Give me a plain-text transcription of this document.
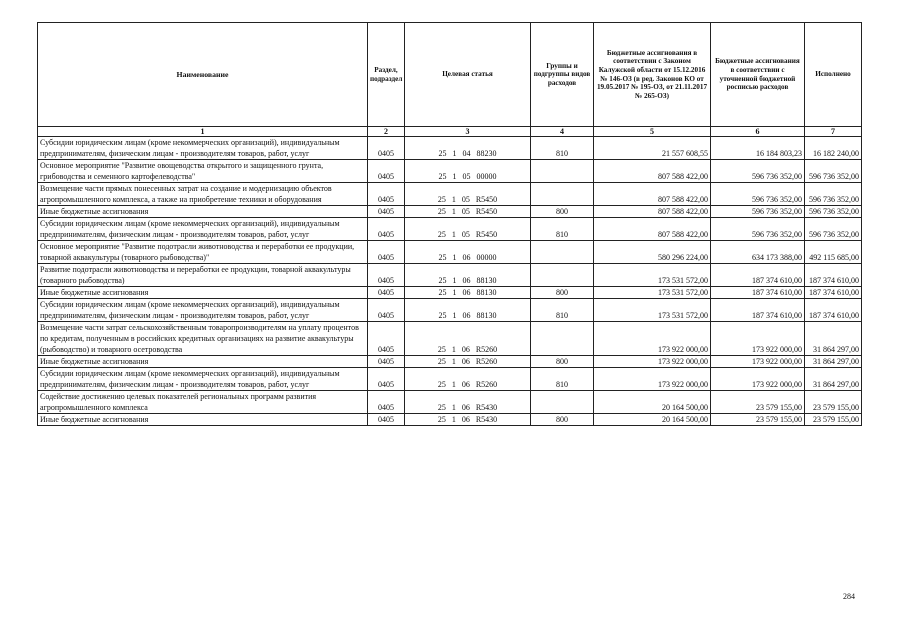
Наименование	Раздел, подраздел	Целевая статья	Группы и подгруппы видов расходов	Бюджетные ассигнования в соответствии с Законом Калужской области от 15.12.2016 № 146-ОЗ (в ред. Законов КО от 19.05.2017 № 195-ОЗ, от 21.11.2017 № 265-ОЗ)	Бюджетные ассигнования в соответствии с уточненной бюджетной росписью расходов	Исполнено
1	2	3	4	5	6	7
Субсидии юридическим лицам (кроме некоммерческих организаций), индивидуальным предпринимателям, физическим лицам - производителям товаров, работ, услуг	0405	25 1 04 88230	810	21 557 608,55	16 184 803,23	16 182 240,00
Основное мероприятие "Развитие овощеводства открытого и защищенного грунта, грибоводства и семенного картофелеводства"	0405	25 1 05 00000		807 588 422,00	596 736 352,00	596 736 352,00
Возмещение части прямых понесенных затрат на создание и модернизацию объектов агропромышленного комплекса, а также на приобретение техники и оборудования	0405	25 1 05 R5450		807 588 422,00	596 736 352,00	596 736 352,00
Иные бюджетные ассигнования	0405	25 1 05 R5450	800	807 588 422,00	596 736 352,00	596 736 352,00
Субсидии юридическим лицам (кроме некоммерческих организаций), индивидуальным предпринимателям, физическим лицам - производителям товаров, работ, услуг	0405	25 1 05 R5450	810	807 588 422,00	596 736 352,00	596 736 352,00
Основное мероприятие "Развитие подотрасли животноводства и переработки ее продукции, товарной аквакультуры (товарного рыбоводства)"	0405	25 1 06 00000		580 296 224,00	634 173 388,00	492 115 685,00
Развитие подотрасли животноводства и переработки ее продукции, товарной аквакультуры (товарного рыбоводства)	0405	25 1 06 88130		173 531 572,00	187 374 610,00	187 374 610,00
Иные бюджетные ассигнования	0405	25 1 06 88130	800	173 531 572,00	187 374 610,00	187 374 610,00
Субсидии юридическим лицам (кроме некоммерческих организаций), индивидуальным предпринимателям, физическим лицам - производителям товаров, работ, услуг	0405	25 1 06 88130	810	173 531 572,00	187 374 610,00	187 374 610,00
Возмещение части затрат сельскохозяйственным товаропроизводителям на уплату процентов по кредитам, полученным в российских кредитных организациях на развитие аквакультуры (рыбоводство) и товарного осетроводства	0405	25 1 06 R5260		173 922 000,00	173 922 000,00	31 864 297,00
Иные бюджетные ассигнования	0405	25 1 06 R5260	800	173 922 000,00	173 922 000,00	31 864 297,00
Субсидии юридическим лицам (кроме некоммерческих организаций), индивидуальным предпринимателям, физическим лицам - производителям товаров, работ, услуг	0405	25 1 06 R5260	810	173 922 000,00	173 922 000,00	31 864 297,00
Содействие достижению целевых показателей региональных программ развития агропромышленного комплекса	0405	25 1 06 R5430		20 164 500,00	23 579 155,00	23 579 155,00
Иные бюджетные ассигнования	0405	25 1 06 R5430	800	20 164 500,00	23 579 155,00	23 579 155,00
284
